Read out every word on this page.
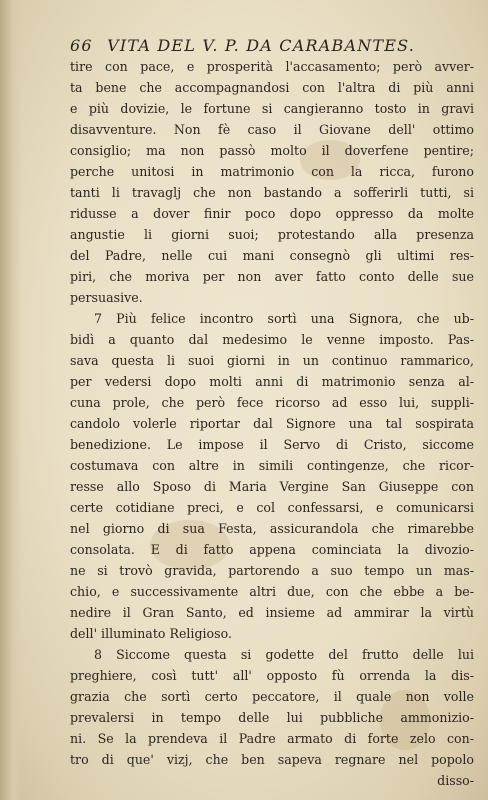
66 VITA DEL V. P. DA CARABANTES.
tire con pace, e prosperità l'accasamento; però avver-
ta bene che accompagnandosi con l'altra di più anni
e più dovizie, le fortune si cangieranno tosto in gravi
disavventure. Non fè caso il Giovane dell' ottimo
consiglio; ma non passò molto il doverfene pentire;
perche unitosi in matrimonio con la ricca, furono
tanti li travaglj che non bastando a sofferirli tutti, si
ridusse a dover finir poco dopo oppresso da molte
angustie li giorni suoi; protestando alla presenza
del Padre, nelle cui mani consegnò gli ultimi res-
piri, che moriva per non aver fatto conto delle sue
persuasive.
7 Più felice incontro sortì una Signora, che ub-
bidì a quanto dal medesimo le venne imposto. Pas-
sava questa li suoi giorni in un continuo rammarico,
per vedersi dopo molti anni di matrimonio senza al-
cuna prole, che però fece ricorso ad esso lui, suppli-
candolo volerle riportar dal Signore una tal sospirata
benedizione. Le impose il Servo di Cristo, siccome
costumava con altre in simili contingenze, che ricor-
resse allo Sposo di Maria Vergine San Giuseppe con
certe cotidiane preci, e col confessarsi, e comunicarsi
nel giorno di sua Festa, assicurandola che rimarebbe
consolata. E di fatto appena cominciata la divozio-
ne si trovò gravida, partorendo a suo tempo un mas-
chio, e successivamente altri due, con che ebbe a be-
nedire il Gran Santo, ed insieme ad ammirar la virtù
dell' illuminato Religioso.
8 Siccome questa si godette del frutto delle lui
preghiere, così tutt' all' opposto fù orrenda la dis-
grazia che sortì certo peccatore, il quale non volle
prevalersi in tempo delle lui pubbliche ammonizio-
ni. Se la prendeva il Padre armato di forte zelo con-
tro di que' vizj, che ben sapeva regnare nel popolo
disso-
